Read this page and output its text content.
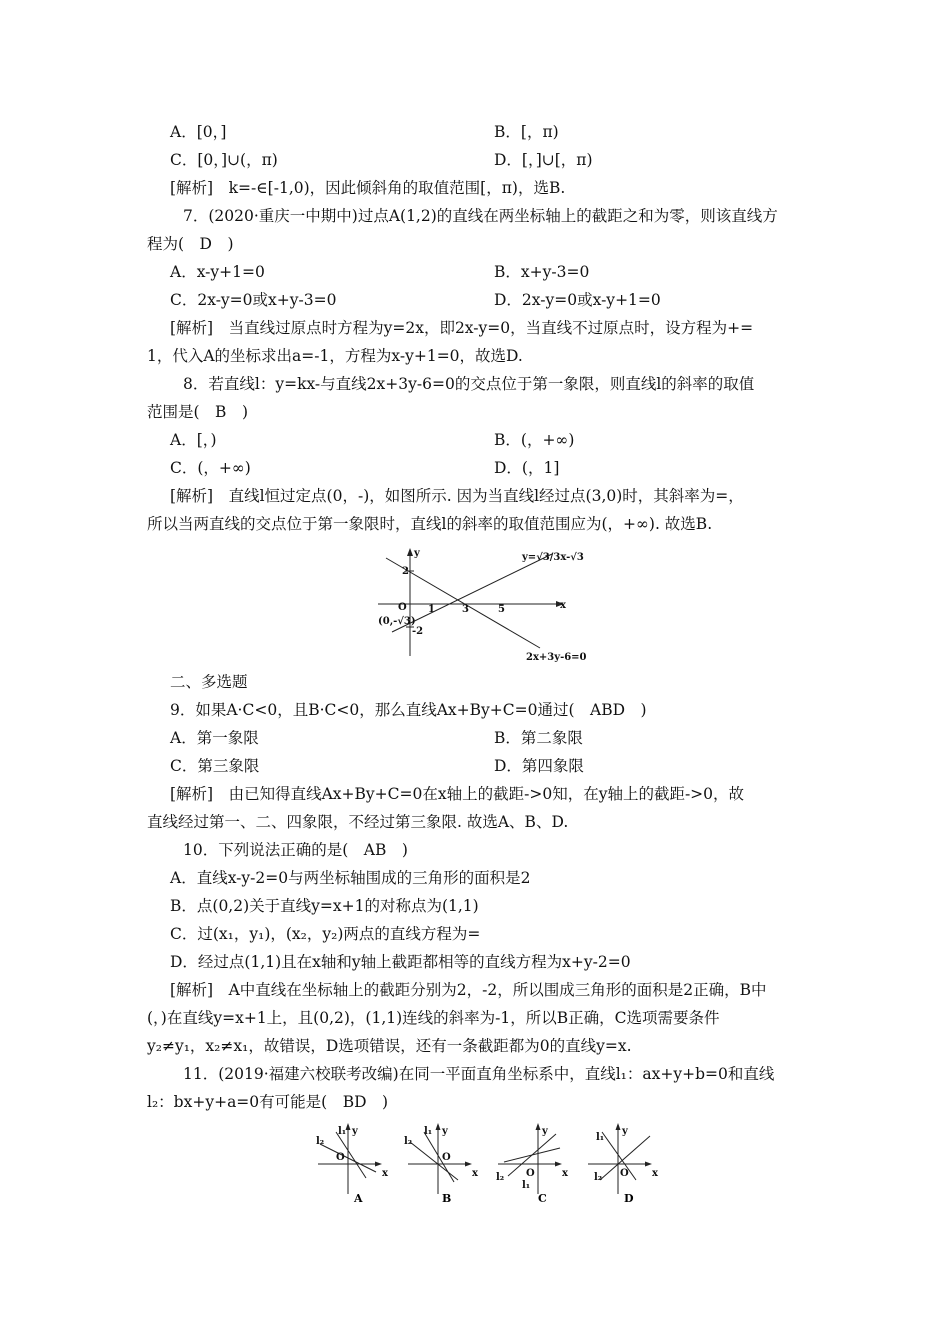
A．[0，]	B．[，π)
C．[0，]∪(，π)	D．[，]∪[，π)
[解析]　k=-∈[-1,0)，因此倾斜角的取值范围[，π)，选B.
7．(2020·重庆一中期中)过点A(1,2)的直线在两坐标轴上的截距之和为零，则该直线方
程为(　D　)
A．x-y+1=0	B．x+y-3=0
C．2x-y=0或x+y-3=0	D．2x-y=0或x-y+1=0
[解析]　当直线过原点时方程为y=2x，即2x-y=0，当直线不过原点时，设方程为+=
1，代入A的坐标求出a=-1，方程为x-y+1=0，故选D.
8．若直线l：y=kx-与直线2x+3y-6=0的交点位于第一象限，则直线l的斜率的取值
范围是(　B　)
A．[，)	B．(，+∞)
C．(，+∞)	D．(，1]
[解析]　直线l恒过定点(0，-)，如图所示. 因为当直线l经过点(3,0)时，其斜率为=，
所以当两直线的交点位于第一象限时，直线l的斜率的取值范围应为(，+∞). 故选B.
y
x
O 1	3	5
2
-2
(0,-√3)
y=√3/3x-√3
2x+3y-6=0
二、多选题
9．如果A·C<0，且B·C<0，那么直线Ax+By+C=0通过(　ABD　)
A．第一象限	B．第二象限
C．第三象限	D．第四象限
[解析]　由已知得直线Ax+By+C=0在x轴上的截距->0知，在y轴上的截距->0，故
直线经过第一、二、四象限，不经过第三象限. 故选A、B、D.
10．下列说法正确的是(　AB　)
A．直线x-y-2=0与两坐标轴围成的三角形的面积是2
B．点(0,2)关于直线y=x+1的对称点为(1,1)
C．过(x₁，y₁)，(x₂，y₂)两点的直线方程为=
D．经过点(1,1)且在x轴和y轴上截距都相等的直线方程为x+y-2=0
[解析]　A中直线在坐标轴上的截距分别为2，-2，所以围成三角形的面积是2正确，B中
(，)在直线y=x+1上，且(0,2)，(1,1)连线的斜率为-1，所以B正确，C选项需要条件
y₂≠y₁，x₂≠x₁，故错误，D选项错误，还有一条截距都为0的直线y=x.
11．(2019·福建六校联考改编)在同一平面直角坐标系中，直线l₁：ax+y+b=0和直线
l₂：bx+y+a=0有可能是(　BD　)
y
x
O
l₁
l₂
A
y
x
O
l₁
l₂
B
y
x
O
l₁
l₂
C
y
x
O
l₁
l₂
D
